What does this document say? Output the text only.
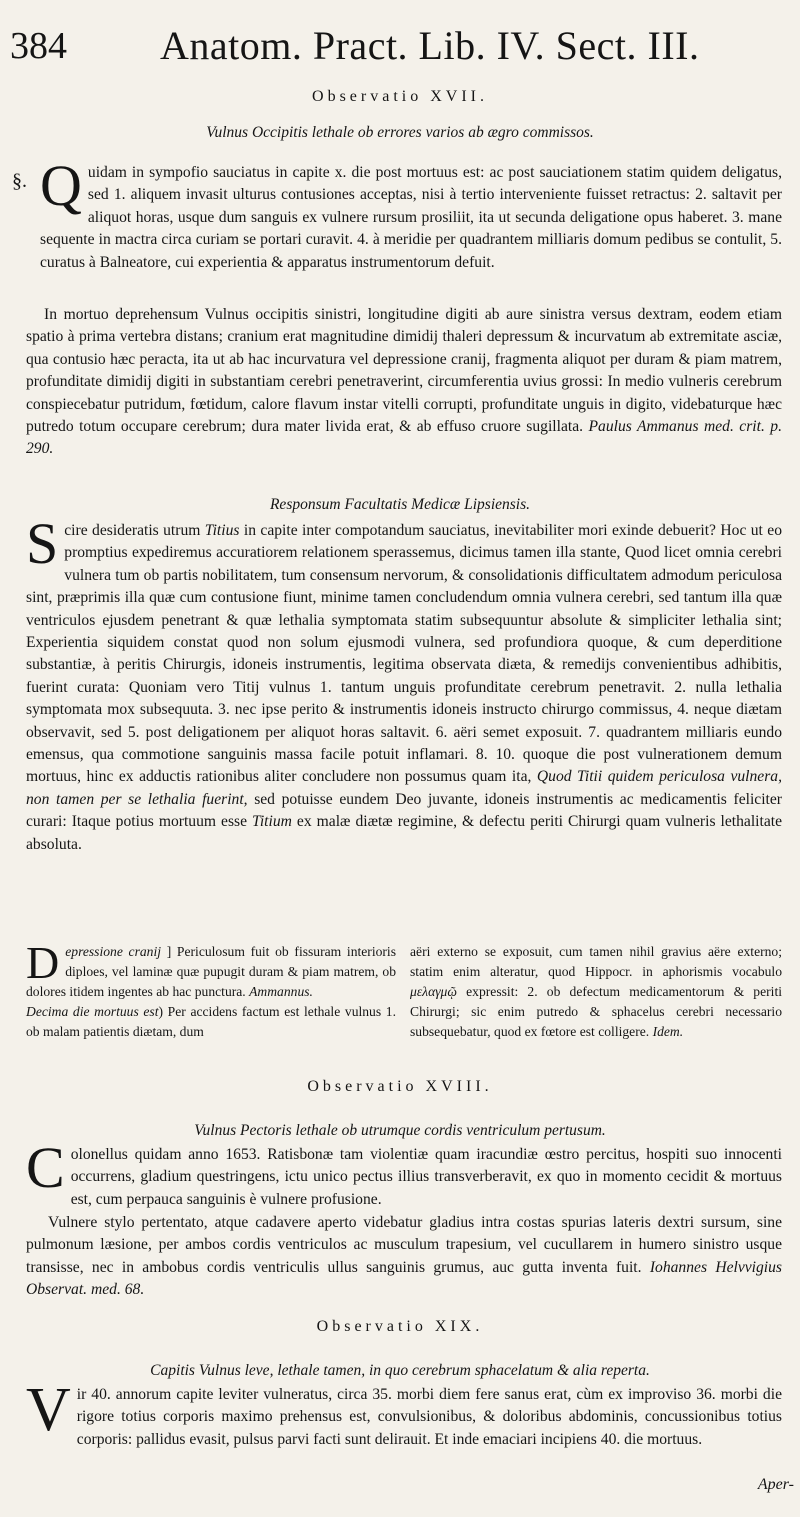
384 Anatom. Pract. Lib. IV. Sect. III.
Observatio XVII.
Vulnus Occipitis lethale ob errores varios ab ægro commissos.
§. Quidam in sympofio sauciatus in capite x. die post mortuus est: ac post sauciationem statim quidem deligatus, sed 1. aliquem invasit ulturus contusiones acceptas, nisi à tertio interveniente fuisset retractus: 2. saltavit per aliquot horas, usque dum sanguis ex vulnere rursum prosiliit, ita ut secunda deligatione opus haberet. 3. mane sequente in mactra circa curiam se portari curavit. 4. à meridie per quadrantem milliaris domum pedibus se contulit, 5. curatus à Balneatore, cui experientia & apparatus instrumentorum defuit.
In mortuo deprehensum Vulnus occipitis sinistri, longitudine digiti ab aure sinistra versus dextram, eodem etiam spatio à prima vertebra distans; cranium erat magnitudine dimidij thaleri depressum & incurvatum ab extremitate asciæ, qua contusio hæc peracta, ita ut ab hac incurvatura vel depressione cranij, fragmenta aliquot per duram & piam matrem, profunditate dimidij digiti in substantiam cerebri penetraverint, circumferentia uvius grossi: In medio vulneris cerebrum conspiecebatur putridum, fœtidum, calore flavum instar vitelli corrupti, profunditate unguis in digito, videbaturque hæc putredo totum occupare cerebrum; dura mater livida erat, & ab effuso cruore sugillata. Paulus Ammanus med. crit. p. 290.
Responsum Facultatis Medicæ Lipsiensis.
Scire desideratis utrum Titius in capite inter compotandum sauciatus, inevitabiliter mori exinde debuerit? Hoc ut eo promptius expediremus accuratiorem relationem sperassemus, dicimus tamen illa stante, Quod licet omnia cerebri vulnera tum ob partis nobilitatem, tum consensum nervorum, & consolidationis difficultatem admodum periculosa sint, præprimis illa quæ cum contusione fiunt, minime tamen concludendum omnia vulnera cerebri, sed tantum illa quæ ventriculos ejusdem penetrant & quæ lethalia symptomata statim subsequuntur absolute & simpliciter lethalia sint; Experientia siquidem constat quod non solum ejusmodi vulnera, sed profundiora quoque, & cum deperditione substantiæ, à peritis Chirurgis, idoneis instrumentis, legitima observata diæta, & remedijs convenientibus adhibitis, fuerint curata: Quoniam vero Titij vulnus 1. tantum unguis profunditate cerebrum penetravit. 2. nulla lethalia symptomata mox subsequuta. 3. nec ipse perito & instrumentis idoneis instructo chirurgo commissus, 4. neque diætam observavit, sed 5. post deligationem per aliquot horas saltavit. 6. aëri semet exposuit. 7. quadrantem milliaris eundo emensus, qua commotione sanguinis massa facile potuit inflamari. 8. 10. quoque die post vulnerationem demum mortuus, hinc ex adductis rationibus aliter concludere non possumus quam ita, Quod Titii quidem periculosa vulnera, non tamen per se lethalia fuerint, sed potuisse eundem Deo juvante, idoneis instrumentis ac medicamentis feliciter curari: Itaque potius mortuum esse Titium ex malæ diætæ regimine, & defectu periti Chirurgi quam vulneris lethalitate absoluta.
Depressione cranij ] Periculosum fuit ob fissuram interioris diploes, vel laminæ quæ pupugit duram & piam matrem, ob dolores itidem ingentes ab hac punctura. Ammannus.
Decima die mortuus est) Per accidens factum est lethale vulnus 1. ob malam patientis diætam, dum
aëri externo se exposuit, cum tamen nihil gravius aëre externo; statim enim alteratur, quod Hippocr. in aphorismis vocabulo μελαγμῷ expressit: 2. ob defectum medicamentorum & periti Chirurgi; sic enim putredo & sphacelus cerebri necessario subsequebatur, quod ex fœtore est colligere. Idem.
Observatio XVIII.
Vulnus Pectoris lethale ob utrumque cordis ventriculum pertusum.
Colonellus quidam anno 1653. Ratisbonæ tam violentiæ quam iracundiæ œstro percitus, hospiti suo innocenti occurrens, gladium questringens, ictu unico pectus illius transverberavit, ex quo in momento cecidit & mortuus est, cum perpauca sanguinis è vulnere profusione.
Vulnere stylo pertentato, atque cadavere aperto videbatur gladius intra costas spurias lateris dextri sursum, sine pulmonum læsione, per ambos cordis ventriculos ac musculum trapesium, vel cucullarem in humero sinistro usque transisse, nec in ambobus cordis ventriculis ullus sanguinis grumus, auc gutta inventa fuit. Iohannes Helvvigius Observat. med. 68.
Observatio XIX.
Capitis Vulnus leve, lethale tamen, in quo cerebrum sphacelatum & alia reperta.
Vir 40. annorum capite leviter vulneratus, circa 35. morbi diem fere sanus erat, cùm ex improviso 36. morbi die rigore totius corporis maximo prehensus est, convulsionibus, & doloribus abdominis, concussionibus totius corporis: pallidus evasit, pulsus parvi facti sunt delirauit. Et inde emaciari incipiens 40. die mortuus.
Aper-
